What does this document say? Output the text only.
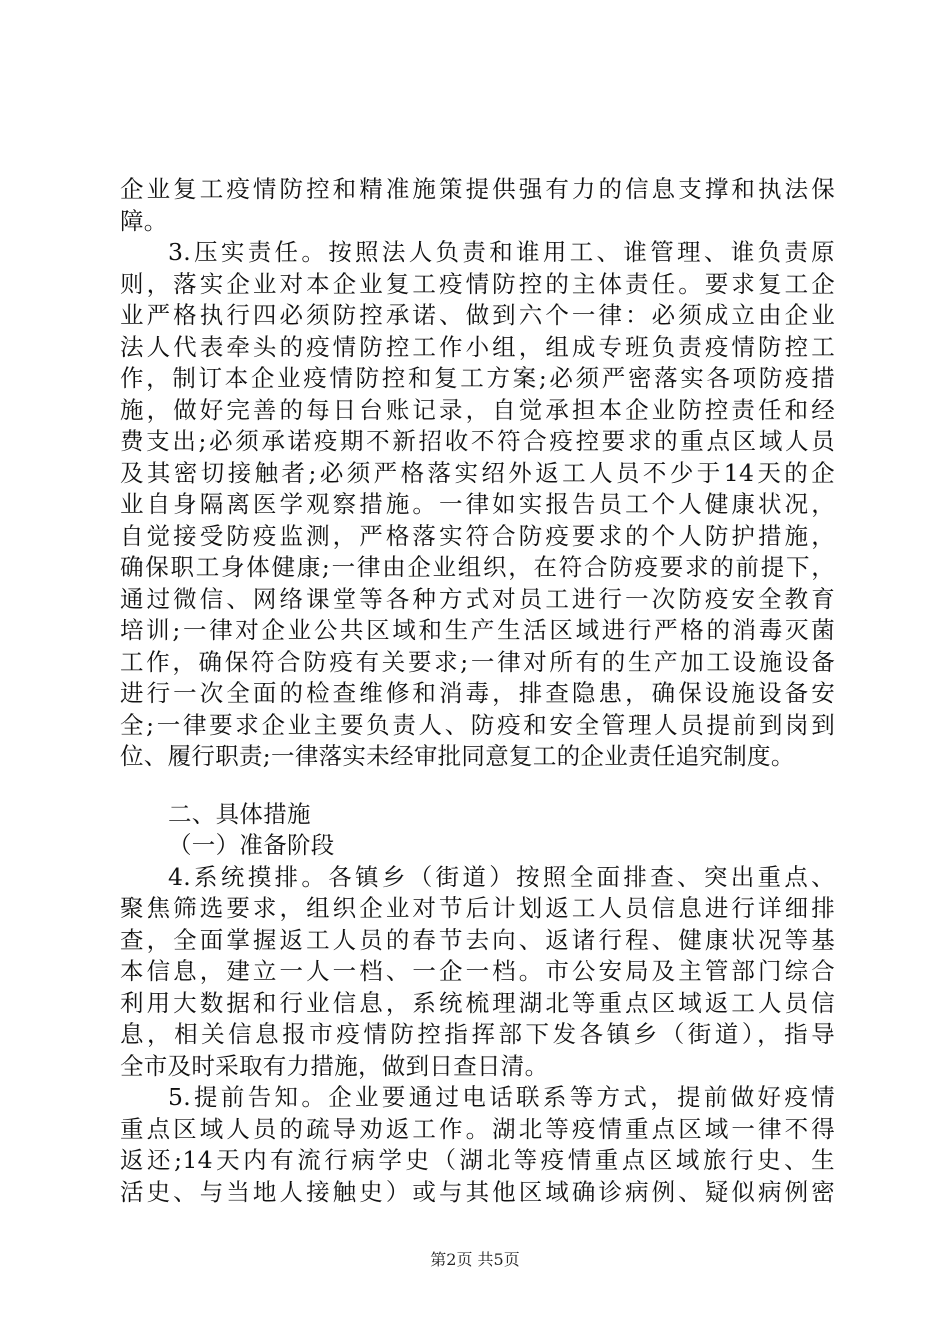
企业复工疫情防控和精准施策提供强有力的信息支撑和执法保
障。
3.压实责任。按照法人负责和谁用工、谁管理、谁负责原
则，落实企业对本企业复工疫情防控的主体责任。要求复工企
业严格执行四必须防控承诺、做到六个一律：必须成立由企业
法人代表牵头的疫情防控工作小组，组成专班负责疫情防控工
作，制订本企业疫情防控和复工方案;必须严密落实各项防疫措
施，做好完善的每日台账记录，自觉承担本企业防控责任和经
费支出;必须承诺疫期不新招收不符合疫控要求的重点区域人员
及其密切接触者;必须严格落实绍外返工人员不少于14天的企
业自身隔离医学观察措施。一律如实报告员工个人健康状况，
自觉接受防疫监测，严格落实符合防疫要求的个人防护措施，
确保职工身体健康;一律由企业组织，在符合防疫要求的前提下，
通过微信、网络课堂等各种方式对员工进行一次防疫安全教育
培训;一律对企业公共区域和生产生活区域进行严格的消毒灭菌
工作，确保符合防疫有关要求;一律对所有的生产加工设施设备
进行一次全面的检查维修和消毒，排查隐患，确保设施设备安
全;一律要求企业主要负责人、防疫和安全管理人员提前到岗到
位、履行职责;一律落实未经审批同意复工的企业责任追究制度。
二、具体措施
（一）准备阶段
4.系统摸排。各镇乡（街道）按照全面排查、突出重点、
聚焦筛选要求，组织企业对节后计划返工人员信息进行详细排
查，全面掌握返工人员的春节去向、返诸行程、健康状况等基
本信息，建立一人一档、一企一档。市公安局及主管部门综合
利用大数据和行业信息，系统梳理湖北等重点区域返工人员信
息，相关信息报市疫情防控指挥部下发各镇乡（街道），指导
全市及时采取有力措施，做到日查日清。
5.提前告知。企业要通过电话联系等方式，提前做好疫情
重点区域人员的疏导劝返工作。湖北等疫情重点区域一律不得
返还;14天内有流行病学史（湖北等疫情重点区域旅行史、生
活史、与当地人接触史）或与其他区域确诊病例、疑似病例密
第2页 共5页
